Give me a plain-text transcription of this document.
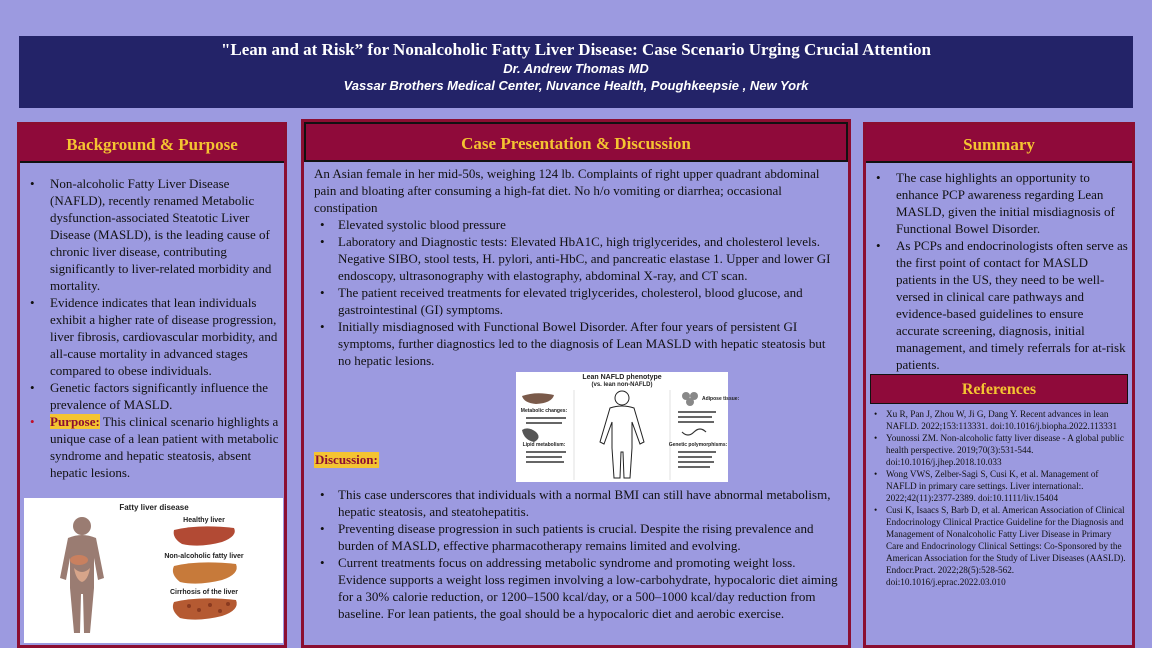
"Lean and at Risk” for Nonalcoholic Fatty Liver Disease: Case Scenario Urging Crucial Attention
Dr. Andrew Thomas MD
Vassar Brothers Medical Center, Nuvance Health, Poughkeepsie , New York
Background & Purpose
• Non-alcoholic Fatty Liver Disease (NAFLD), recently renamed Metabolic dysfunction-associated Steatotic Liver Disease (MASLD), is the leading cause of chronic liver disease, contributing significantly to liver-related morbidity and mortality.
• Evidence indicates that lean individuals exhibit a higher rate of disease progression, liver fibrosis, cardiovascular morbidity, and all-cause mortality in advanced stages compared to obese individuals.
• Genetic factors significantly influence the prevalence of MASLD.
• Purpose: This clinical scenario highlights a unique case of a lean patient with metabolic syndrome and hepatic steatosis, absent hepatic lesions.
Fatty liver disease
Healthy liver
Non-alcoholic fatty liver
Cirrhosis of the liver
Case Presentation & Discussion
An Asian female in her mid-50s, weighing 124 lb. Complaints of right upper quadrant abdominal pain and bloating after consuming a high-fat diet. No h/o vomiting or diarrhea; occasional constipation
• Elevated systolic blood pressure
• Laboratory and Diagnostic tests: Elevated HbA1C, high triglycerides, and cholesterol levels. Negative SIBO, stool tests, H. pylori, anti-HbC, and pancreatic elastase 1. Upper and lower GI endoscopy, ultrasonography with elastography, abdominal X-ray, and CT scan.
• The patient received treatments for elevated triglycerides, cholesterol, blood glucose, and gastrointestinal (GI) symptoms.
• Initially misdiagnosed with Functional Bowel Disorder. After four years of persistent GI symptoms, further diagnostics led to the diagnosis of Lean MASLD with hepatic steatosis but no hepatic lesions.
Lean NAFLD phenotype
(vs. lean non-NAFLD)
Metabolic changes:
Lipid metabolism:
Adipose tissue:
Genetic polymorphisms:
Discussion:
• This case underscores that individuals with a normal BMI can still have abnormal metabolism, hepatic steatosis, and steatohepatitis.
• Preventing disease progression in such patients is crucial. Despite the rising prevalence and burden of MASLD, effective pharmacotherapy remains limited and evolving.
• Current treatments focus on addressing metabolic syndrome and promoting weight loss. Evidence supports a weight loss regimen involving a low-carbohydrate, hypocaloric diet aiming for a 30% calorie reduction, or 1200–1500 kcal/day, or a 500–1000 kcal/day reduction from baseline. For lean patients, the goal should be a hypocaloric diet and aerobic exercise.
Summary
• The case highlights an opportunity to enhance PCP awareness regarding Lean MASLD, given the initial misdiagnosis of Functional Bowel Disorder.
• As PCPs and endocrinologists often serve as the first point of contact for MASLD patients in the US, they need to be well-versed in clinical care pathways and evidence-based guidelines to ensure accurate screening, diagnosis, initial management, and timely referrals for at-risk patients.
References
• Xu R, Pan J, Zhou W, Ji G, Dang Y. Recent advances in lean NAFLD. 2022;153:113331. doi:10.1016/j.biopha.2022.113331
• Younossi ZM. Non-alcoholic fatty liver disease - A global public health perspective. 2019;70(3):531-544. doi:10.1016/j.jhep.2018.10.033
• Wong VWS, Zelber-Sagi S, Cusi K, et al. Management of NAFLD in primary care settings. Liver international:. 2022;42(11):2377-2389. doi:10.1111/liv.15404
• Cusi K, Isaacs S, Barb D, et al. American Association of Clinical Endocrinology Clinical Practice Guideline for the Diagnosis and Management of Nonalcoholic Fatty Liver Disease in Primary Care and Endocrinology Clinical Settings: Co-Sponsored by the American Association for the Study of Liver Diseases (AASLD). Endocr.Pract. 2022;28(5):528-562. doi:10.1016/j.eprac.2022.03.010
